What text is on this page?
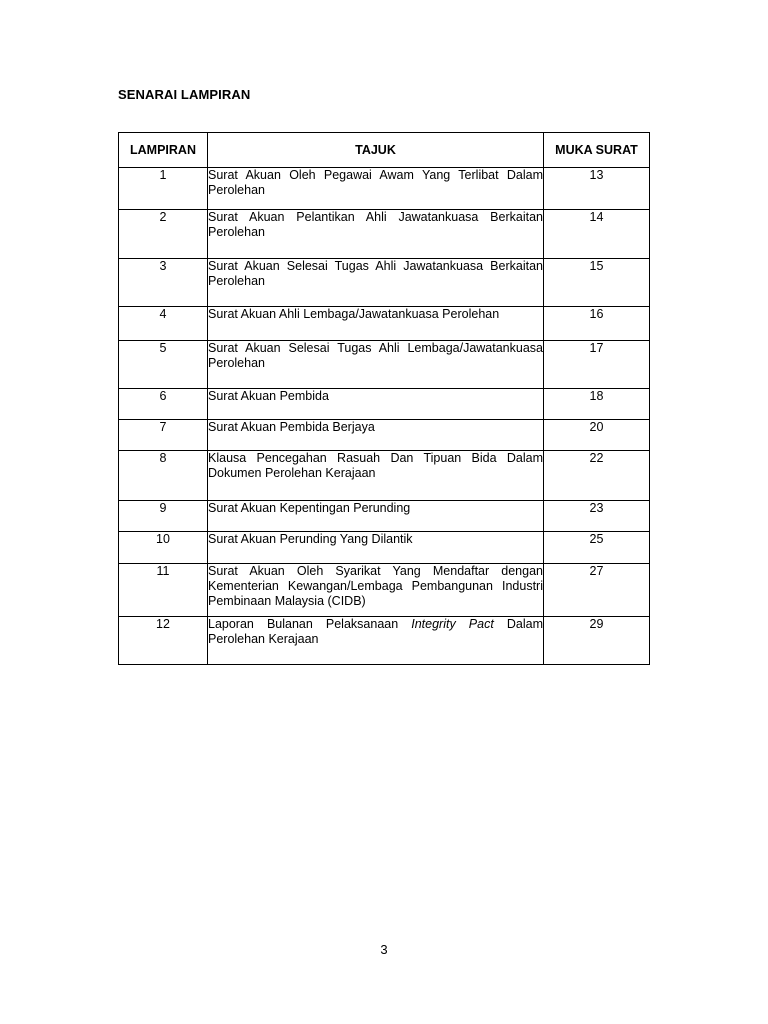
SENARAI LAMPIRAN
LAMPIRAN	TAJUK	MUKA SURAT
1	Surat Akuan Oleh Pegawai Awam Yang Terlibat Dalam Perolehan	13
2	Surat Akuan Pelantikan Ahli Jawatankuasa Berkaitan Perolehan	14
3	Surat Akuan Selesai Tugas Ahli Jawatankuasa Berkaitan Perolehan	15
4	Surat Akuan Ahli Lembaga/Jawatankuasa Perolehan	16
5	Surat Akuan Selesai Tugas Ahli Lembaga/Jawatankuasa Perolehan	17
6	Surat Akuan Pembida	18
7	Surat Akuan Pembida Berjaya	20
8	Klausa Pencegahan Rasuah Dan Tipuan Bida Dalam Dokumen Perolehan Kerajaan	22
9	Surat Akuan Kepentingan Perunding	23
10	Surat Akuan Perunding Yang Dilantik	25
11	Surat Akuan Oleh Syarikat Yang Mendaftar dengan Kementerian Kewangan/Lembaga Pembangunan Industri Pembinaan Malaysia (CIDB)	27
12	Laporan Bulanan Pelaksanaan Integrity Pact Dalam Perolehan Kerajaan	29
3
